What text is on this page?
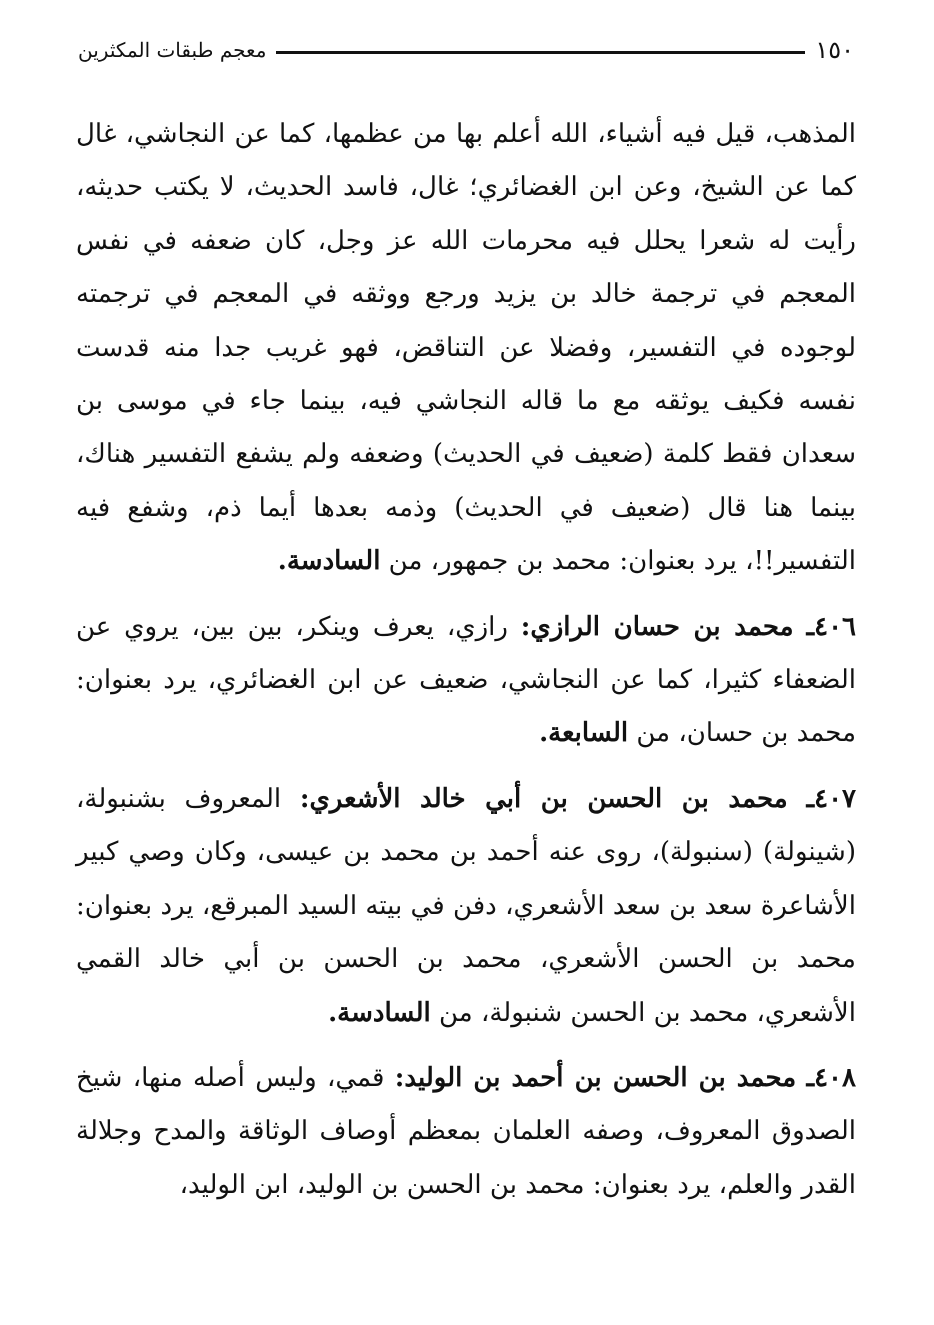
١٥٠
معجم طبقات المكثرين

المذهب، قيل فيه أشياء، الله أعلم بها من عظمها، كما عن النجاشي، غال كما عن الشيخ، وعن ابن الغضائري؛ غال، فاسد الحديث، لا يكتب حديثه، رأيت له شعرا يحلل فيه محرمات الله عز وجل، كان ضعفه في نفس المعجم في ترجمة خالد بن يزيد ورجع ووثقه في المعجم في ترجمته لوجوده في التفسير، وفضلا عن التناقض، فهو غريب جدا منه قدست نفسه فكيف يوثقه مع ما قاله النجاشي فيه، بينما جاء في موسى بن سعدان فقط كلمة (ضعيف في الحديث) وضعفه ولم يشفع التفسير هناك، بينما هنا قال (ضعيف في الحديث) وذمه بعدها أيما ذم، وشفع فيه التفسير!!، يرد بعنوان: محمد بن جمهور، من السادسة.

٤٠٦ـ محمد بن حسان الرازي: رازي، يعرف وينكر، بين بين، يروي عن الضعفاء كثيرا، كما عن النجاشي، ضعيف عن ابن الغضائري، يرد بعنوان: محمد بن حسان، من السابعة.

٤٠٧ـ محمد بن الحسن بن أبي خالد الأشعري: المعروف بشنبولة، (شينولة) (سنبولة)، روى عنه أحمد بن محمد بن عيسى، وكان وصي كبير الأشاعرة سعد بن سعد الأشعري، دفن في بيته السيد المبرقع، يرد بعنوان: محمد بن الحسن الأشعري، محمد بن الحسن بن أبي خالد القمي الأشعري، محمد بن الحسن شنبولة، من السادسة.

٤٠٨ـ محمد بن الحسن بن أحمد بن الوليد: قمي، وليس أصله منها، شيخ الصدوق المعروف، وصفه العلمان بمعظم أوصاف الوثاقة والمدح وجلالة القدر والعلم، يرد بعنوان: محمد بن الحسن بن الوليد، ابن الوليد،
